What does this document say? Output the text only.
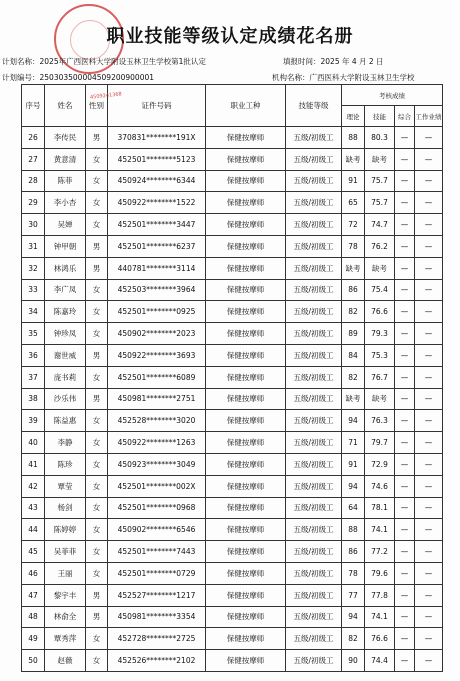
职业技能等级认定成绩花名册
计划名称：2025年广西医科大学附设玉林卫生学校第1批认定	填报时间：2025 年 4 月 2 日
计划编号：250303500004509200900001	机构名称：广西医科大学附设玉林卫生学校
序号	姓名	性别	证件号码	职业工种	技能等级	考核成绩			
						理论	技能	综合	工作业绩
26	李传民	男	370831********191X	保健按摩师	五级/初级工	88	80.3	—	—
27	黄意清	女	452501********5123	保健按摩师	五级/初级工	缺考	缺考	—	—
28	陈菲	女	450924********6344	保健按摩师	五级/初级工	91	75.7	—	—
29	李小杏	女	450922********1522	保健按摩师	五级/初级工	65	75.7	—	—
30	吴婵	女	452501********3447	保健按摩师	五级/初级工	72	74.7	—	—
31	钟甲朝	男	452501********6237	保健按摩师	五级/初级工	78	76.2	—	—
32	林鸿乐	男	440781********3114	保健按摩师	五级/初级工	缺考	缺考	—	—
33	李广凤	女	452503********3964	保健按摩师	五级/初级工	86	75.4	—	—
34	陈嘉玲	女	452501********0925	保健按摩师	五级/初级工	82	76.6	—	—
35	钟珍凤	女	450902********2023	保健按摩师	五级/初级工	89	79.3	—	—
36	谢世威	男	450922********3693	保健按摩师	五级/初级工	84	75.3	—	—
37	庞书莉	女	452501********6089	保健按摩师	五级/初级工	82	76.7	—	—
38	沙乐伟	男	450981********2751	保健按摩师	五级/初级工	缺考	缺考	—	—
39	陈益惠	女	452528********3020	保健按摩师	五级/初级工	94	76.3	—	—
40	李静	女	450922********1263	保健按摩师	五级/初级工	71	79.7	—	—
41	陈珍	女	450923********3049	保健按摩师	五级/初级工	91	72.9	—	—
42	覃莹	女	452501********002X	保健按摩师	五级/初级工	94	74.6	—	—
43	杨剑	女	452501********0968	保健按摩师	五级/初级工	64	78.1	—	—
44	陈婷婷	女	450902********6546	保健按摩师	五级/初级工	88	74.1	—	—
45	吴菲菲	女	452501********7443	保健按摩师	五级/初级工	86	77.2	—	—
46	王丽	女	452501********0729	保健按摩师	五级/初级工	78	79.6	—	—
47	黎宇丰	男	452527********1217	保健按摩师	五级/初级工	77	77.8	—	—
48	林俞全	男	450981********3354	保健按摩师	五级/初级工	94	74.1	—	—
49	覃秀萍	女	452728********2725	保健按摩师	五级/初级工	82	76.6	—	—
50	赵薇	女	452526********2102	保健按摩师	五级/初级工	90	74.4	—	—
4509241368
